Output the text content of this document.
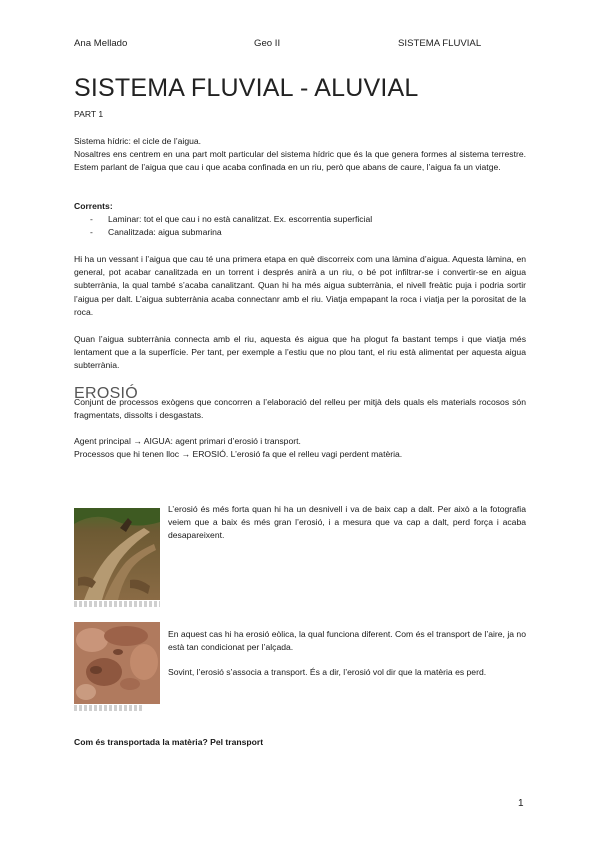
Ana Mellado	Geo II	SISTEMA FLUVIAL
SISTEMA FLUVIAL - ALUVIAL

PART 1

Sistema hídric: el cicle de l’aigua.

Nosaltres ens centrem en una part molt particular del sistema hídric que és la que genera formes al sistema terrestre. Estem parlant de l’aigua que cau i que acaba confinada en un riu, però que abans de caure, l’aigua fa un viatge.

Corrents:

- Laminar: tot el que cau i no està canalitzat. Ex. escorrentia superficial
- Canalitzada: aigua submarina

Hi ha un vessant i l’aigua que cau té una primera etapa en què discorreix com una làmina d’aigua. Aquesta làmina, en general, pot acabar canalitzada en un torrent i després anirà a un riu, o bé pot infiltrar-se i convertir-se en aigua subterrània, la qual també s’acaba canalitzant. Quan hi ha més aigua subterrània, el nivell freàtic puja i podria sortir l’aigua per dalt. L’aigua subterrània acaba connectanr amb el riu. Viatja empapant la roca i viatja per la porositat de la roca.

Quan l’aigua subterrània connecta amb el riu, aquesta és aigua que ha plogut fa bastant temps i que viatja més lentament que a la superfície. Per tant, per exemple a l’estiu que no plou tant, el riu està alimentat per aquesta aigua subterrània.

EROSIÓ

Conjunt de processos exògens que concorren a l’elaboració del relleu per mitjà dels quals els materials rocosos són fragmentats, dissolts i desgastats.

Agent principal → AIGUA: agent primari d’erosió i transport.

Processos que hi tenen lloc → EROSIÓ. L’erosió fa que el relleu vagi perdent matèria.

L’erosió és més forta quan hi ha un desnivell i va de baix cap a dalt. Per això a la fotografia veiem que a baix és més gran l’erosió, i a mesura que va cap a dalt, perd força i acaba desapareixent.

En aquest cas hi ha erosió eòlica, la qual funciona diferent. Com és el transport de l’aire, ja no està tan condicionat per l’alçada.

Sovint, l’erosió s’associa a transport. És a dir, l’erosió vol dir que la matèria es perd.

Com és transportada la matèria? Pel transport

1
